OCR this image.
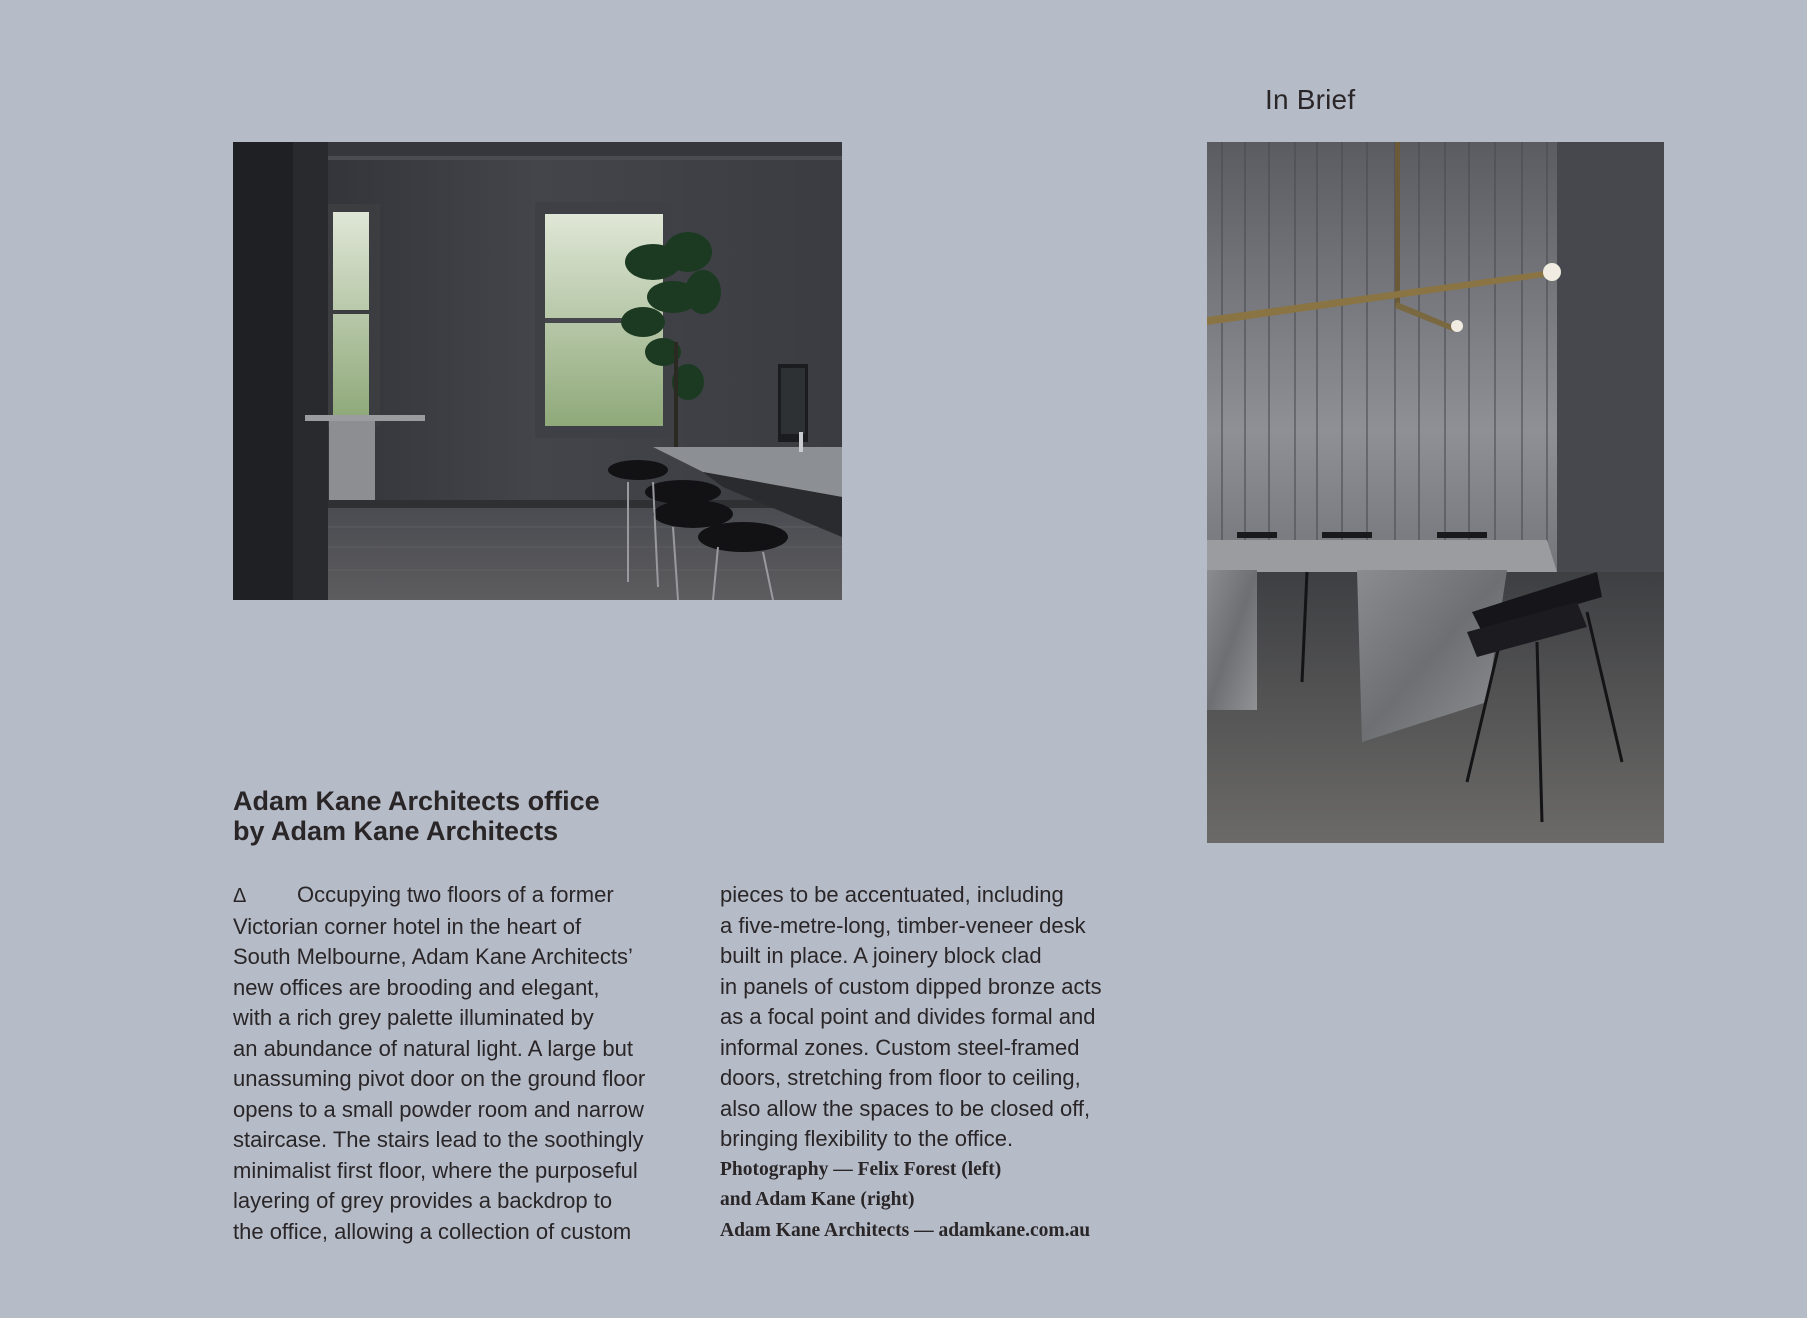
In Brief
Adam Kane Architects office
by Adam Kane Architects
Δ Occupying two floors of a former
Victorian corner hotel in the heart of
South Melbourne, Adam Kane Architects’
new offices are brooding and elegant,
with a rich grey palette illuminated by
an abundance of natural light. A large but
unassuming pivot door on the ground floor
opens to a small powder room and narrow
staircase. The stairs lead to the soothingly
minimalist first floor, where the purposeful
layering of grey provides a backdrop to
the office, allowing a collection of custom
pieces to be accentuated, including
a five-metre-long, timber-veneer desk
built in place. A joinery block clad
in panels of custom dipped bronze acts
as a focal point and divides formal and
informal zones. Custom steel-framed
doors, stretching from floor to ceiling,
also allow the spaces to be closed off,
bringing flexibility to the office.
Photography — Felix Forest (left)
and Adam Kane (right)
Adam Kane Architects — adamkane.com.au
